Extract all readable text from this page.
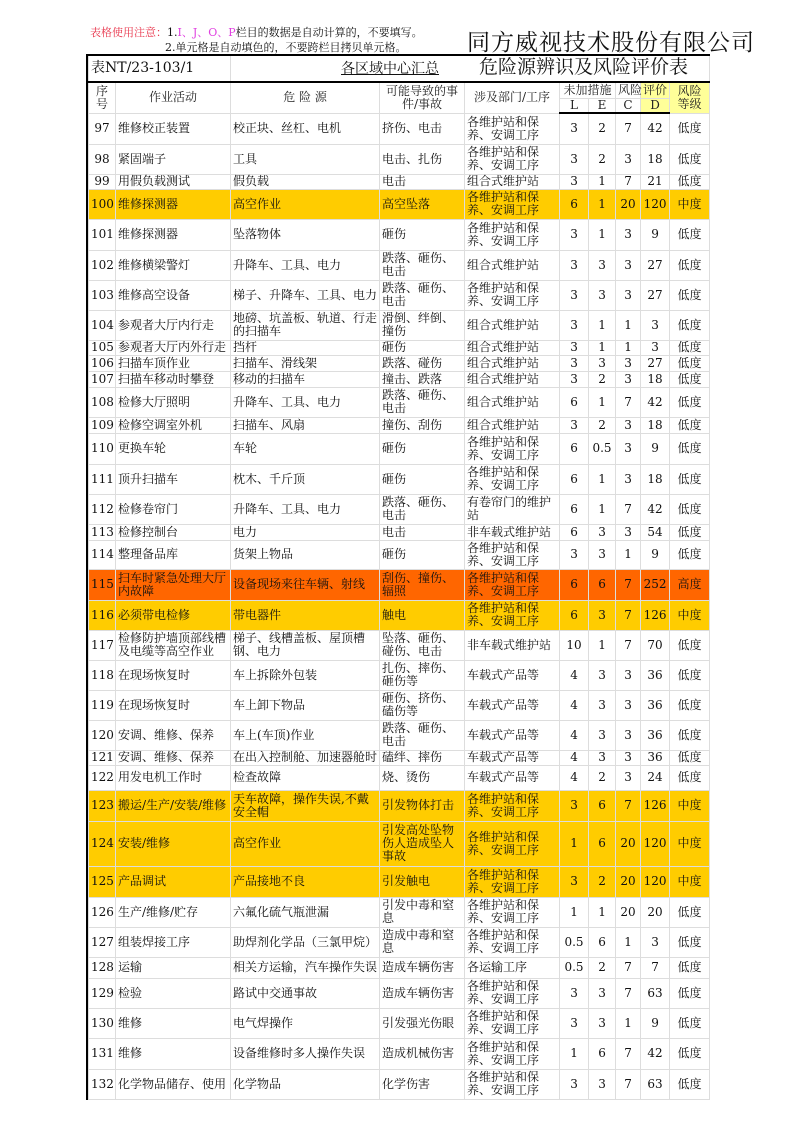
表格使用注意：1.I、J、O、P栏目的数据是自动计算的，不要填写。
2.单元格是自动填色的，不要跨栏目拷贝单元格。	同方威视技术股份有限公司
表NT/23-103/1		各区域中心汇总 危险源辨识及风险评价表							
序号	作业活动	危 险 源	可能导致的事件/事故	涉及部门/工序	未加措施		风险	评价	风险等级
					L	E	C	D	
97	维修校正装置	校正块、丝杠、电机	挤伤、电击	各维护站和保养、安调工序	3	2	7	42	低度
98	紧固端子	工具	电击、扎伤	各维护站和保养、安调工序	3	2	3	18	低度
99	用假负载测试	假负载	电击	组合式维护站	3	1	7	21	低度
100	维修探测器	高空作业	高空坠落	各维护站和保养、安调工序	6	1	20	120	中度
101	维修探测器	坠落物体	砸伤	各维护站和保养、安调工序	3	1	3	9	低度
102	维修横梁警灯	升降车、工具、电力	跌落、砸伤、电击	组合式维护站	3	3	3	27	低度
103	维修高空设备	梯子、升降车、工具、电力	跌落、砸伤、电击	各维护站和保养、安调工序	3	3	3	27	低度
104	参观者大厅内行走	地磅、坑盖板、轨道、行走的扫描车	滑倒、绊倒、撞伤	组合式维护站	3	1	1	3	低度
105	参观者大厅内外行走	挡杆	砸伤	组合式维护站	3	1	1	3	低度
106	扫描车顶作业	扫描车、滑线架	跌落、碰伤	组合式维护站	3	3	3	27	低度
107	扫描车移动时攀登	移动的扫描车	撞击、跌落	组合式维护站	3	2	3	18	低度
108	检修大厅照明	升降车、工具、电力	跌落、砸伤、电击	组合式维护站	6	1	7	42	低度
109	检修空调室外机	扫描车、风扇	撞伤、刮伤	组合式维护站	3	2	3	18	低度
110	更换车轮	车轮	砸伤	各维护站和保养、安调工序	6	0.5	3	9	低度
111	顶升扫描车	枕木、千斤顶	砸伤	各维护站和保养、安调工序	6	1	3	18	低度
112	检修卷帘门	升降车、工具、电力	跌落、砸伤、电击	有卷帘门的维护站	6	1	7	42	低度
113	检修控制台	电力	电击	非车载式维护站	6	3	3	54	低度
114	整理备品库	货架上物品	砸伤	各维护站和保养、安调工序	3	3	1	9	低度
115	扫车时紧急处理大厅内故障	设备现场来往车辆、射线	刮伤、撞伤、辐照	各维护站和保养、安调工序	6	6	7	252	高度
116	必须带电检修	带电器件	触电	各维护站和保养、安调工序	6	3	7	126	中度
117	检修防护墙顶部线槽及电缆等高空作业	梯子、线槽盖板、屋顶槽钢、电力	坠落、砸伤、碰伤、电击	非车载式维护站	10	1	7	70	低度
118	在现场恢复时	车上拆除外包装	扎伤、摔伤、砸伤等	车载式产品等	4	3	3	36	低度
119	在现场恢复时	车上卸下物品	砸伤、挤伤、磕伤等	车载式产品等	4	3	3	36	低度
120	安调、维修、保养	车上(车顶)作业	跌落、砸伤、电击	车载式产品等	4	3	3	36	低度
121	安调、维修、保养	在出入控制舱、加速器舱时	磕绊、摔伤	车载式产品等	4	3	3	36	低度
122	用发电机工作时	检查故障	烧、烫伤	车载式产品等	4	2	3	24	低度
123	搬运/生产/安装/维修	天车故障，操作失误,不戴安全帽	引发物体打击	各维护站和保养、安调工序	3	6	7	126	中度
124	安装/维修	高空作业	引发高处坠物伤人造成坠人事故	各维护站和保养、安调工序	1	6	20	120	中度
125	产品调试	产品接地不良	引发触电	各维护站和保养、安调工序	3	2	20	120	中度
126	生产/维修/贮存	六氟化硫气瓶泄漏	引发中毒和窒息	各维护站和保养、安调工序	1	1	20	20	低度
127	组装焊接工序	助焊剂化学品（三氯甲烷）	造成中毒和窒息	各维护站和保养、安调工序	0.5	6	1	3	低度
128	运输	相关方运输，汽车操作失误	造成车辆伤害	各运输工序	0.5	2	7	7	低度
129	检验	路试中交通事故	造成车辆伤害	各维护站和保养、安调工序	3	3	7	63	低度
130	维修	电气焊操作	引发强光伤眼	各维护站和保养、安调工序	3	3	1	9	低度
131	维修	设备维修时多人操作失误	造成机械伤害	各维护站和保养、安调工序	1	6	7	42	低度
132	化学物品储存、使用	化学物品	化学伤害	各维护站和保养、安调工序	3	3	7	63	低度
